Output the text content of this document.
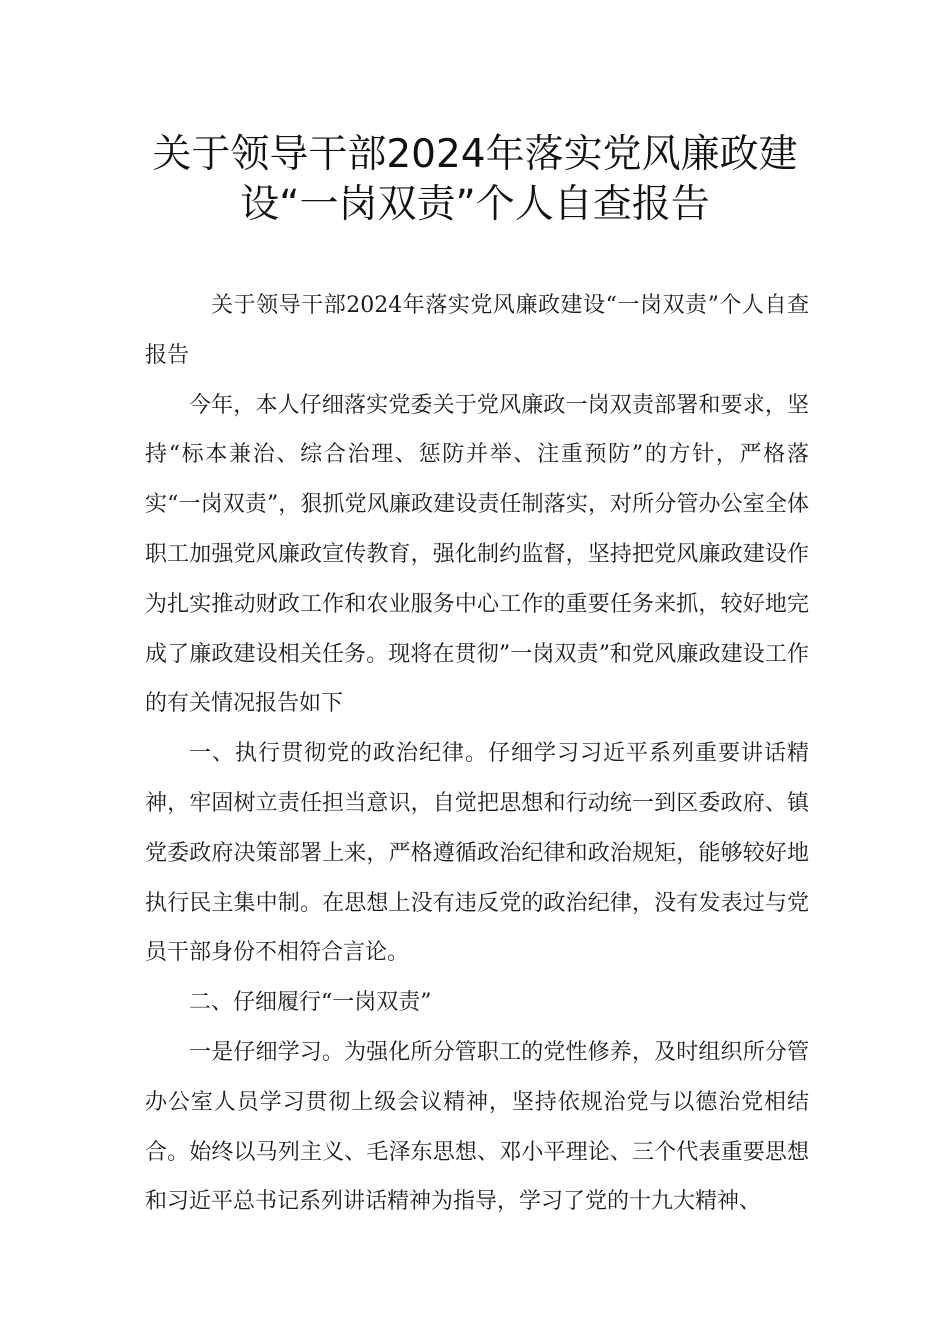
关于领导干部2024年落实党风廉政建
设“一岗双责”个人自查报告

关于领导干部2024年落实党风廉政建设“一岗双责”个人自查报告

今年，本人仔细落实党委关于党风廉政一岗双责部署和要求，坚持“标本兼治、综合治理、惩防并举、注重预防”的方针，严格落实“一岗双责”，狠抓党风廉政建设责任制落实，对所分管办公室全体职工加强党风廉政宣传教育，强化制约监督，坚持把党风廉政建设作为扎实推动财政工作和农业服务中心工作的重要任务来抓，较好地完成了廉政建设相关任务。现将在贯彻”一岗双责”和党风廉政建设工作的有关情况报告如下

一、执行贯彻党的政治纪律。仔细学习习近平系列重要讲话精神，牢固树立责任担当意识，自觉把思想和行动统一到区委政府、镇党委政府决策部署上来，严格遵循政治纪律和政治规矩，能够较好地执行民主集中制。在思想上没有违反党的政治纪律，没有发表过与党员干部身份不相符合言论。

二、仔细履行“一岗双责”

一是仔细学习。为强化所分管职工的党性修养，及时组织所分管办公室人员学习贯彻上级会议精神，坚持依规治党与以德治党相结合。始终以马列主义、毛泽东思想、邓小平理论、三个代表重要思想和习近平总书记系列讲话精神为指导，学习了党的十九大精神、
